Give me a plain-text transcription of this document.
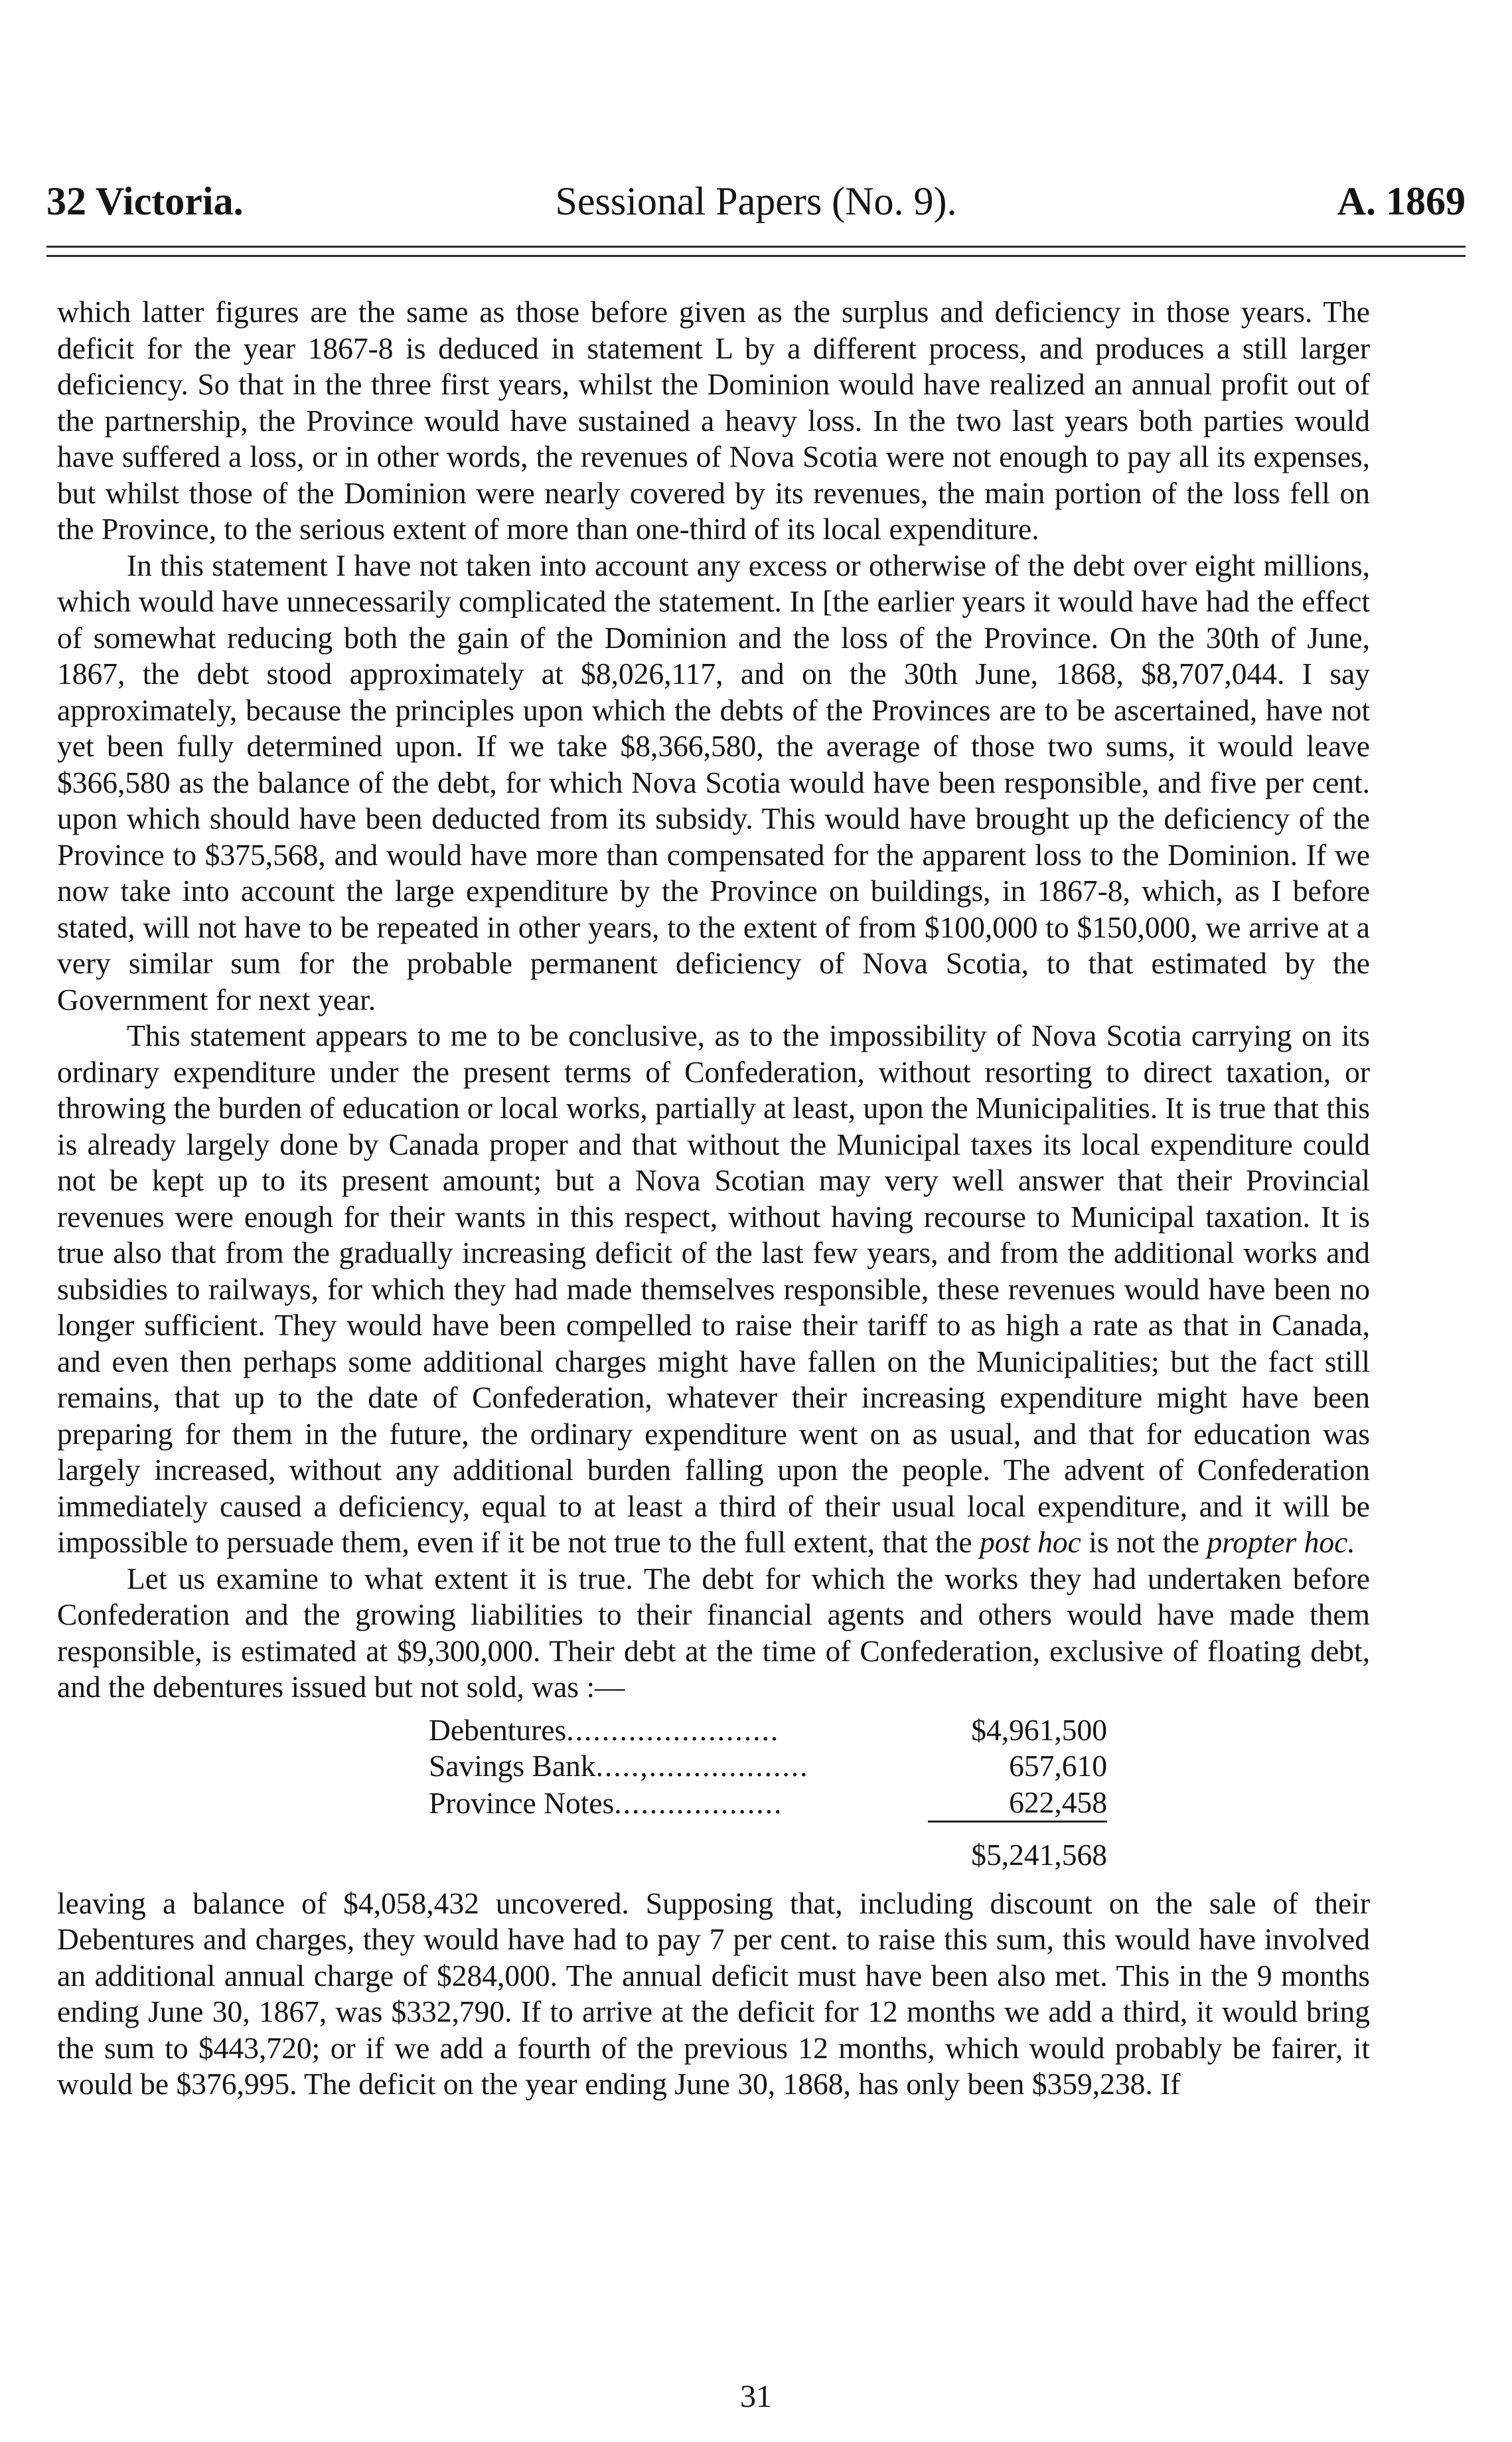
32 Victoria.	Sessional Papers (No. 9).	A. 1869

which latter figures are the same as those before given as the surplus and deficiency in those years. The deficit for the year 1867-8 is deduced in statement L by a different process, and produces a still larger deficiency. So that in the three first years, whilst the Dominion would have realized an annual profit out of the partnership, the Province would have sustained a heavy loss. In the two last years both parties would have suffered a loss, or in other words, the revenues of Nova Scotia were not enough to pay all its expenses, but whilst those of the Dominion were nearly covered by its revenues, the main portion of the loss fell on the Province, to the serious extent of more than one-third of its local expenditure.

In this statement I have not taken into account any excess or otherwise of the debt over eight millions, which would have unnecessarily complicated the statement. In [the earlier years it would have had the effect of somewhat reducing both the gain of the Dominion and the loss of the Province. On the 30th of June, 1867, the debt stood approximately at $8,026,117, and on the 30th June, 1868, $8,707,044. I say approximately, because the principles upon which the debts of the Provinces are to be ascertained, have not yet been fully determined upon. If we take $8,366,580, the average of those two sums, it would leave $366,580 as the balance of the debt, for which Nova Scotia would have been responsible, and five per cent. upon which should have been deducted from its subsidy. This would have brought up the deficiency of the Province to $375,568, and would have more than compensated for the apparent loss to the Dominion. If we now take into account the large expenditure by the Province on buildings, in 1867-8, which, as I before stated, will not have to be repeated in other years, to the extent of from $100,000 to $150,000, we arrive at a very similar sum for the probable permanent deficiency of Nova Scotia, to that estimated by the Government for next year.

This statement appears to me to be conclusive, as to the impossibility of Nova Scotia carrying on its ordinary expenditure under the present terms of Confederation, without resorting to direct taxation, or throwing the burden of education or local works, partially at least, upon the Municipalities. It is true that this is already largely done by Canada proper and that without the Municipal taxes its local expenditure could not be kept up to its present amount; but a Nova Scotian may very well answer that their Provincial revenues were enough for their wants in this respect, without having recourse to Municipal taxation. It is true also that from the gradually increasing deficit of the last few years, and from the additional works and subsidies to railways, for which they had made themselves responsible, these revenues would have been no longer sufficient. They would have been compelled to raise their tariff to as high a rate as that in Canada, and even then perhaps some additional charges might have fallen on the Municipalities; but the fact still remains, that up to the date of Confederation, whatever their increasing expenditure might have been preparing for them in the future, the ordinary expenditure went on as usual, and that for education was largely increased, without any additional burden falling upon the people. The advent of Confederation immediately caused a deficiency, equal to at least a third of their usual local expenditure, and it will be impossible to persuade them, even if it be not true to the full extent, that the post hoc is not the propter hoc.

Let us examine to what extent it is true. The debt for which the works they had undertaken before Confederation and the growing liabilities to their financial agents and others would have made them responsible, is estimated at $9,300,000. Their debt at the time of Confederation, exclusive of floating debt, and the debentures issued but not sold, was :—

Debentures........................	$4,961,500
Savings Bank.....,..................	657,610
Province Notes...................	622,458
	$5,241,568

leaving a balance of $4,058,432 uncovered. Supposing that, including discount on the sale of their Debentures and charges, they would have had to pay 7 per cent. to raise this sum, this would have involved an additional annual charge of $284,000. The annual deficit must have been also met. This in the 9 months ending June 30, 1867, was $332,790. If to arrive at the deficit for 12 months we add a third, it would bring the sum to $443,720; or if we add a fourth of the previous 12 months, which would probably be fairer, it would be $376,995. The deficit on the year ending June 30, 1868, has only been $359,238. If

31
